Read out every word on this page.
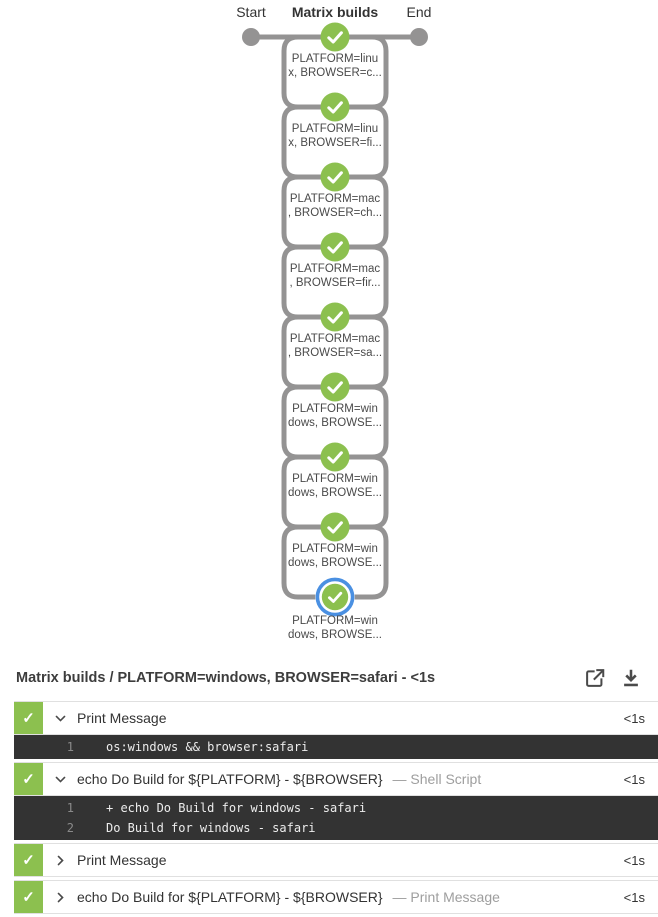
Start Matrix builds End
PLATFORM=linu
x, BROWSER=c...
PLATFORM=linu
x, BROWSER=fi...
PLATFORM=mac
, BROWSER=ch...
PLATFORM=mac
, BROWSER=fir...
PLATFORM=mac
, BROWSER=sa...
PLATFORM=win
dows, BROWSE...
PLATFORM=win
dows, BROWSE...
PLATFORM=win
dows, BROWSE...
PLATFORM=win
dows, BROWSE...
Matrix builds / PLATFORM=windows, BROWSER=safari - <1s
✓	Print Message	<1s
1	os:windows && browser:safari
✓	echo Do Build for ${PLATFORM} - ${BROWSER} — Shell Script	<1s
1	+ echo Do Build for windows - safari
2	Do Build for windows - safari
✓	Print Message	<1s
✓	echo Do Build for ${PLATFORM} - ${BROWSER} — Print Message	<1s
